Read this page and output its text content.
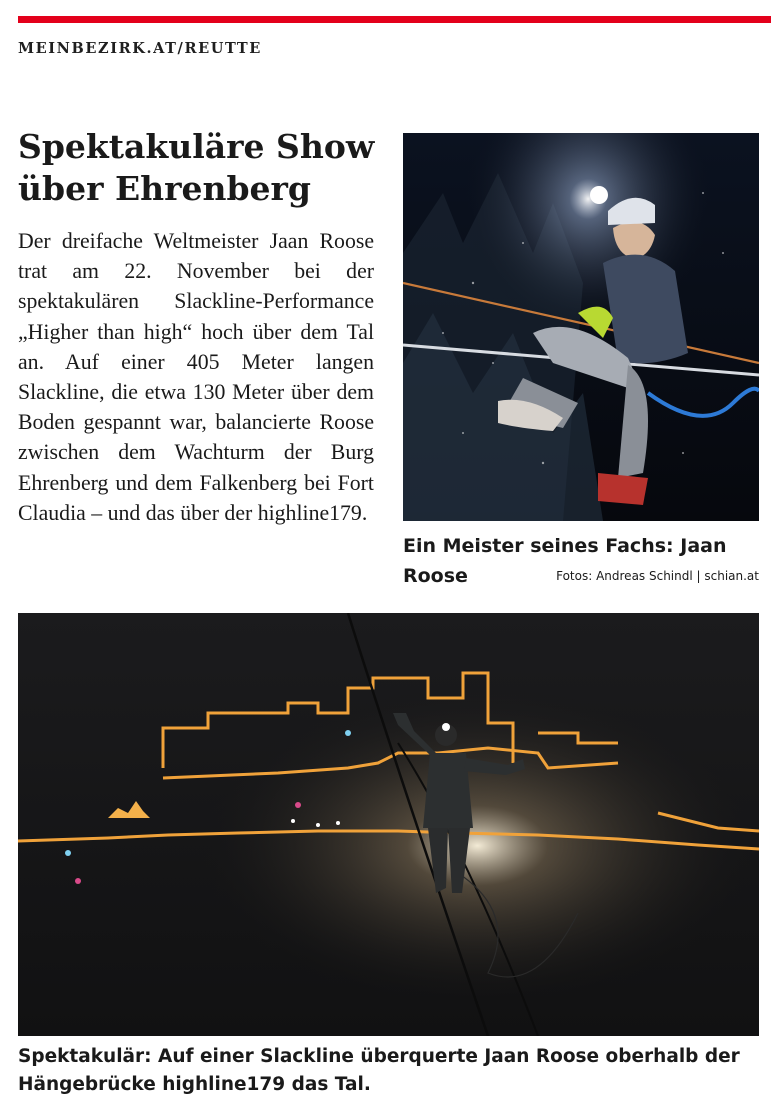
MEINBEZIRK.AT/REUTTE
Spektakuläre Show über Ehrenberg

Der dreifache Weltmeister Jaan Roose trat am 22. November bei der spektakulären Slackline-Performance „Higher than high“ hoch über dem Tal an. Auf einer 405 Meter langen Slackline, die etwa 130 Meter über dem Boden gespannt war, balancierte Roose zwischen dem Wachturm der Burg Ehrenberg und dem Falkenberg bei Fort Claudia – und das über der highline179.

Ein Meister seines Fachs: Jaan Roose	Fotos: Andreas Schindl | schian.at

Spektakulär: Auf einer Slackline überquerte Jaan Roose oberhalb der Hängebrücke highline179 das Tal.
